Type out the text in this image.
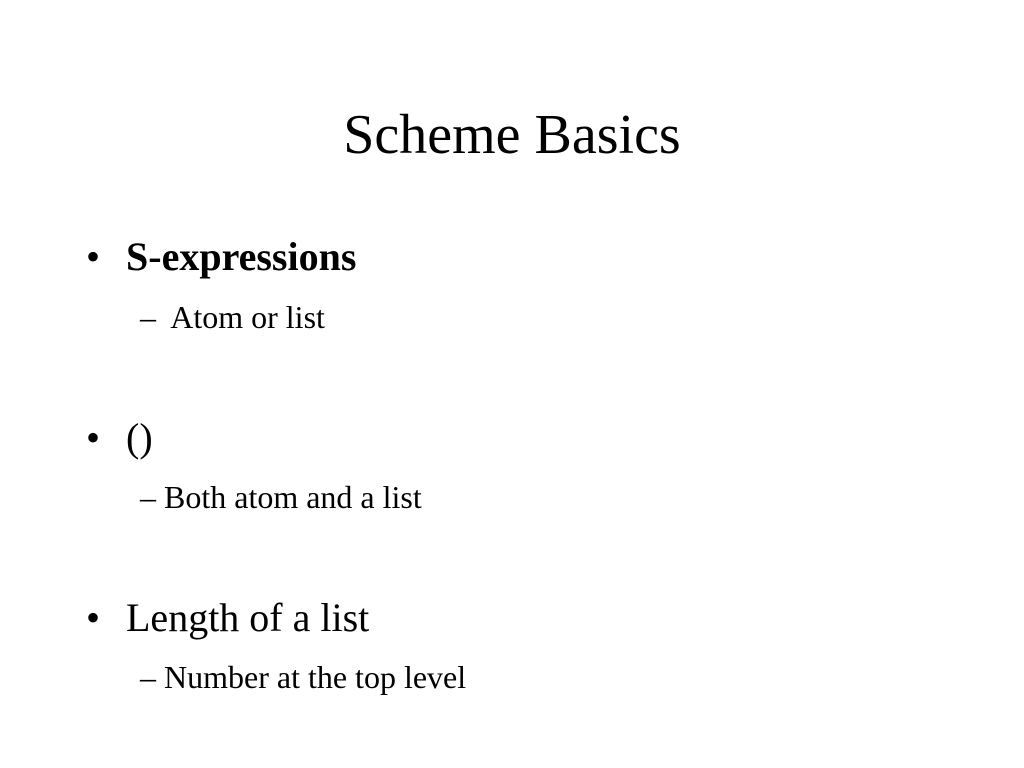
Scheme Basics
• S-expressions
–  Atom or list
• ()
– Both atom and a list
• Length of a list
– Number at the top level
